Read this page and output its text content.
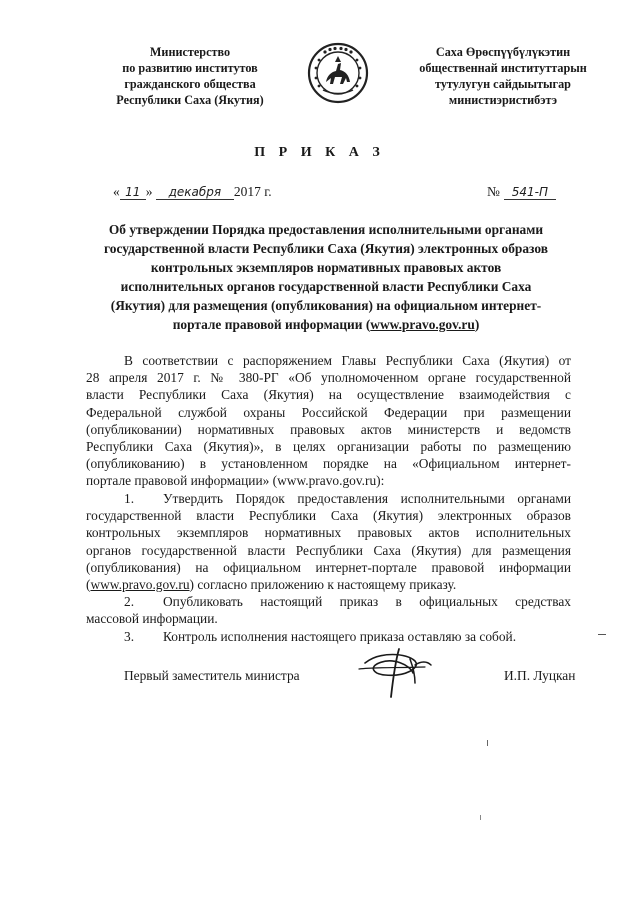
Министерство
по развитию институтов
гражданского общества
Республики Саха (Якутия)
Саха Өрөспүүбүлүкэтин
общественнай институттарын
тутулугун сайдыытыгар
министиэристибэтэ
П Р И К А З
« 11 » декабря 2017 г.	№ 541-П
Об утверждении Порядка предоставления исполнительными органами
государственной власти Республики Саха (Якутия) электронных образов
контрольных экземпляров нормативных правовых актов
исполнительных органов государственной власти Республики Саха
(Якутия) для размещения (опубликования) на официальном интернет-
портале правовой информации (www.pravo.gov.ru)
В соответствии с распоряжением Главы Республики Саха (Якутия) от
28 апреля 2017 г. № 380-РГ «Об уполномоченном органе государственной
власти Республики Саха (Якутия) на осуществление взаимодействия с
Федеральной службой охраны Российской Федерации при размещении
(опубликовании) нормативных правовых актов министерств и ведомств
Республики Саха (Якутия)», в целях организации работы по размещению
(опубликованию) в установленном порядке на «Официальном интернет-
портале правовой информации» (www.pravo.gov.ru):
1.	Утвердить Порядок предоставления исполнительными органами
государственной власти Республики Саха (Якутия) электронных образов
контрольных экземпляров нормативных правовых актов исполнительных
органов государственной власти Республики Саха (Якутия) для размещения
(опубликования) на официальном интернет-портале правовой информации
(www.pravo.gov.ru) согласно приложению к настоящему приказу.
2.	Опубликовать настоящий приказ в официальных средствах
массовой информации.
3.	Контроль исполнения настоящего приказа оставляю за собой.
Первый заместитель министра	И.П. Луцкан
